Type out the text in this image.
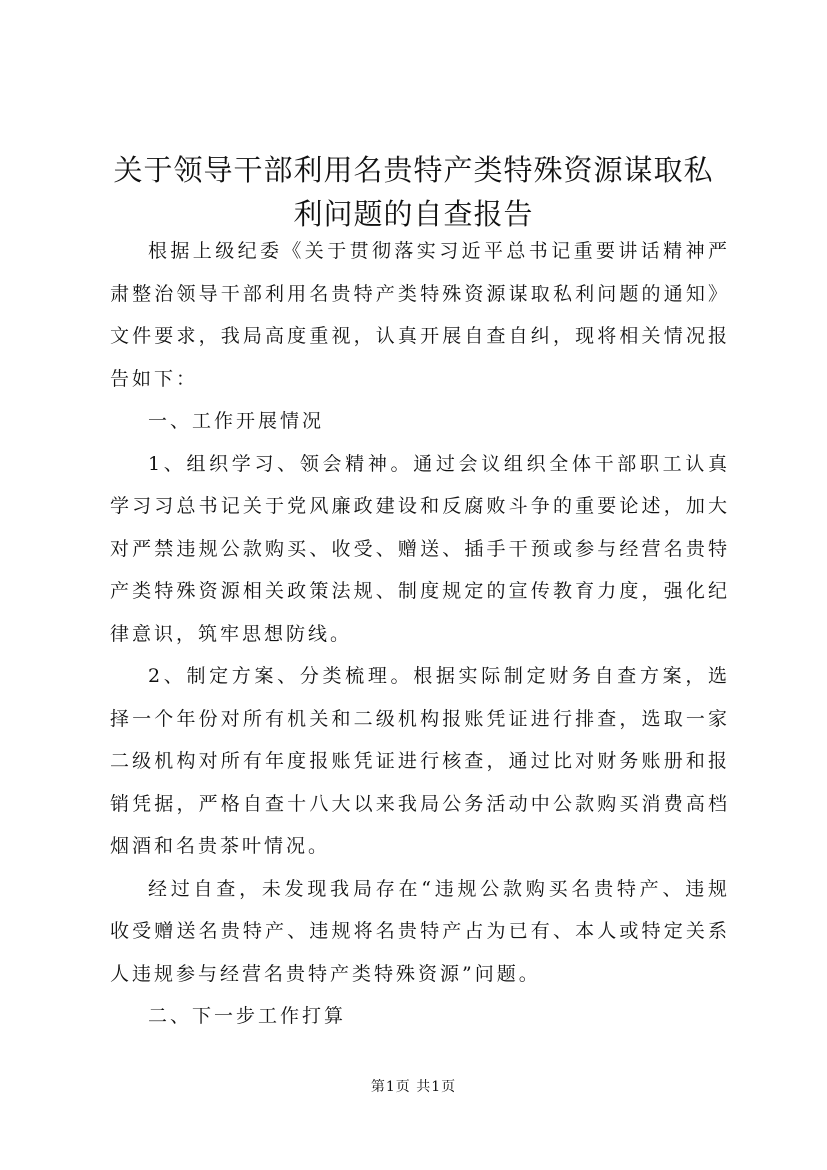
关于领导干部利用名贵特产类特殊资源谋取私利问题的自查报告

根据上级纪委《关于贯彻落实习近平总书记重要讲话精神严肃整治领导干部利用名贵特产类特殊资源谋取私利问题的通知》文件要求，我局高度重视，认真开展自查自纠，现将相关情况报告如下：

一、工作开展情况

1、组织学习、领会精神。通过会议组织全体干部职工认真学习习总书记关于党风廉政建设和反腐败斗争的重要论述，加大对严禁违规公款购买、收受、赠送、插手干预或参与经营名贵特产类特殊资源相关政策法规、制度规定的宣传教育力度，强化纪律意识，筑牢思想防线。

2、制定方案、分类梳理。根据实际制定财务自查方案，选择一个年份对所有机关和二级机构报账凭证进行排查，选取一家二级机构对所有年度报账凭证进行核查，通过比对财务账册和报销凭据，严格自查十八大以来我局公务活动中公款购买消费高档烟酒和名贵茶叶情况。

经过自查，未发现我局存在“违规公款购买名贵特产、违规收受赠送名贵特产、违规将名贵特产占为已有、本人或特定关系人违规参与经营名贵特产类特殊资源”问题。

二、下一步工作打算

第1页 共1页
